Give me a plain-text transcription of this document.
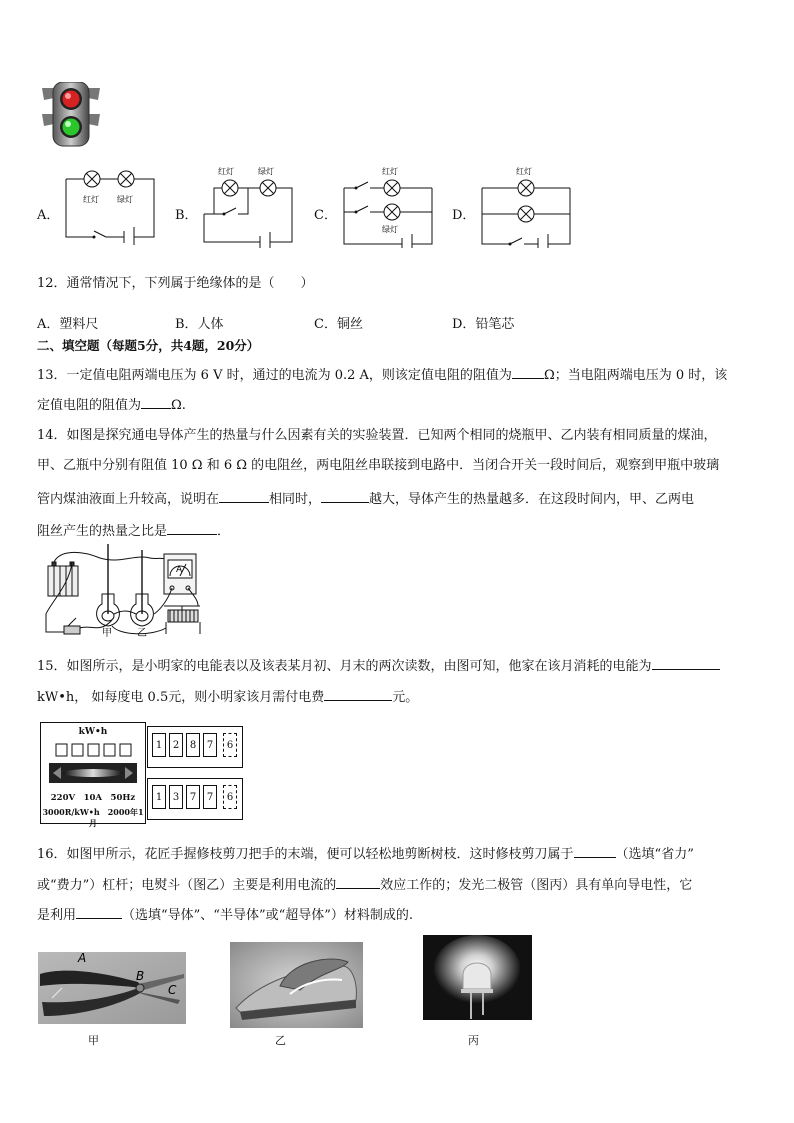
A．
红灯 绿灯
B．
红灯	绿灯
C．
红灯
绿灯
D．
红灯
12．通常情况下，下列属于绝缘体的是（　　）
A．塑料尺	B．人体	C．铜丝	D．铅笔芯
二、填空题（每题5分，共4题，20分）
13．一定值电阻两端电压为 6 V 时，通过的电流为 0.2 A，则该定值电阻的阻值为 Ω；当电阻两端电压为 0 时，该
定值电阻的阻值为 Ω.
14．如图是探究通电导体产生的热量与什么因素有关的实验装置．已知两个相同的烧瓶甲、乙内装有相同质量的煤油，
甲、乙瓶中分别有阻值 10 Ω 和 6 Ω 的电阻丝，两电阻丝串联接到电路中．当闭合开关一段时间后，观察到甲瓶中玻璃
管内煤油液面上升较高，说明在	相同时，	越大，导体产生的热量越多．在这段时间内，甲、乙两电
阻丝产生的热量之比是	．
甲	乙
A
15．如图所示，是小明家的电能表以及该表某月初、月末的两次读数，由图可知，他家在该月消耗的电能为
kW•h， 如每度电 0.5元，则小明家该月需付电费	元。
kW•h
220V　10A　50Hz
3000R/kW•h　2000年1月
1	2	8	7	6
1	3	7	7	6
16．如图甲所示，花匠手握修枝剪刀把手的末端，便可以轻松地剪断树枝．这时修枝剪刀属于	（选填“省力”
或“费力”）杠杆；电熨斗（图乙）主要是利用电流的	效应工作的；发光二极管（图丙）具有单向导电性，它
是利用	（选填“导体”、“半导体”或“超导体”）材料制成的.
A
B
C
甲	乙	丙
